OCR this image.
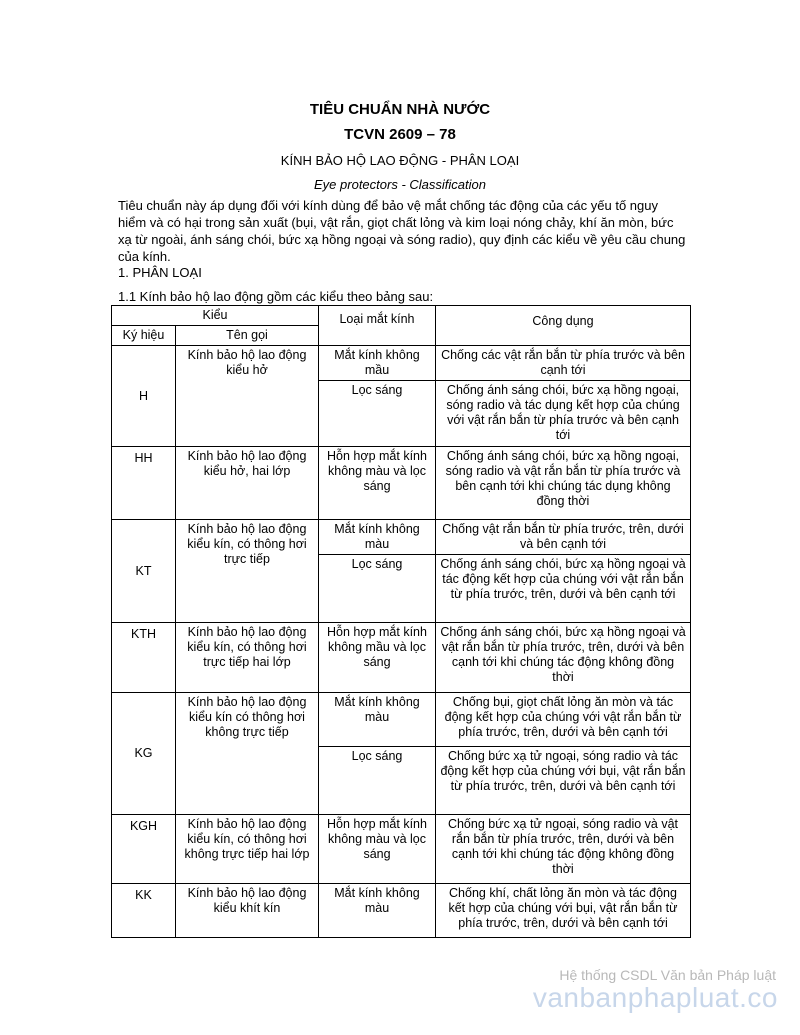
TIÊU CHUẨN NHÀ NƯỚC
TCVN 2609 – 78
KÍNH BẢO HỘ LAO ĐỘNG - PHÂN LOẠI
Eye protectors - Classification
Tiêu chuẩn này áp dụng đối với kính dùng để bảo vệ mắt chống tác động của các yếu tố nguy hiểm và có hại trong sản xuất (bụi, vật rắn, giọt chất lỏng và kim loại nóng chảy, khí ăn mòn, bức xạ từ ngoài, ánh sáng chói, bức xạ hồng ngoại và sóng radio), quy định các kiểu về yêu cầu chung của kính.
1. PHÂN LOẠI
1.1 Kính bảo hộ lao động gồm các kiểu theo bảng sau:
Kiểu		Loại mắt kính	Công dụng
Ký hiệu	Tên gọi		
H	Kính bảo hộ lao động kiểu hở	Mắt kính không mầu	Chống các vật rắn bắn từ phía trước và bên cạnh tới
		Lọc sáng	Chống ánh sáng chói, bức xạ hồng ngoại, sóng radio và tác dụng kết hợp của chúng với vật rắn bắn từ phía trước và bên cạnh tới
HH	Kính bảo hộ lao động kiểu hở, hai lớp	Hỗn hợp mắt kính không màu và lọc sáng	Chống ánh sáng chói, bức xạ hồng ngoại, sóng radio và vật rắn bắn từ phía trước và bên cạnh tới khi chúng tác dụng không đồng thời
KT	Kính bảo hộ lao động kiểu kín, có thông hơi trực tiếp	Mắt kính không màu	Chống vật rắn bắn từ phía trước, trên, dưới và bên cạnh tới
		Lọc sáng	Chống ánh sáng chói, bức xạ hồng ngoại và tác động kết hợp của chúng với vật rắn bắn từ phía trước, trên, dưới và bên cạnh tới
KTH	Kính bảo hộ lao động kiểu kín, có thông hơi trực tiếp hai lớp	Hỗn hợp mắt kính không mầu và lọc sáng	Chống ánh sáng chói, bức xạ hồng ngoại và vật rắn bắn từ phía trước, trên, dưới và bên cạnh tới khi chúng tác động không đồng thời
KG	Kính bảo hộ lao động kiểu kín có thông hơi không trực tiếp	Mắt kính không màu	Chống bụi, giọt chất lỏng ăn mòn và tác động kết hợp của chúng với vật rắn bắn từ phía trước, trên, dưới và bên cạnh tới
		Lọc sáng	Chống bức xạ tử ngoại, sóng radio và tác động kết hợp của chúng với bụi, vật rắn bắn từ phía trước, trên, dưới và bên cạnh tới
KGH	Kính bảo hộ lao động kiểu kín, có thông hơi không trực tiếp hai lớp	Hỗn hợp mắt kính không màu và lọc sáng	Chống bức xạ tử ngoại, sóng radio và vật rắn bắn từ phía trước, trên, dưới và bên cạnh tới khi chúng tác động không đồng thời
KK	Kính bảo hộ lao động kiểu khít kín	Mắt kính không màu	Chống khí, chất lỏng ăn mòn và tác động kết hợp của chúng với bụi, vật rắn bắn từ phía trước, trên, dưới và bên cạnh tới
Hệ thống CSDL Văn bản Pháp luật
vanbanphapluat.co
